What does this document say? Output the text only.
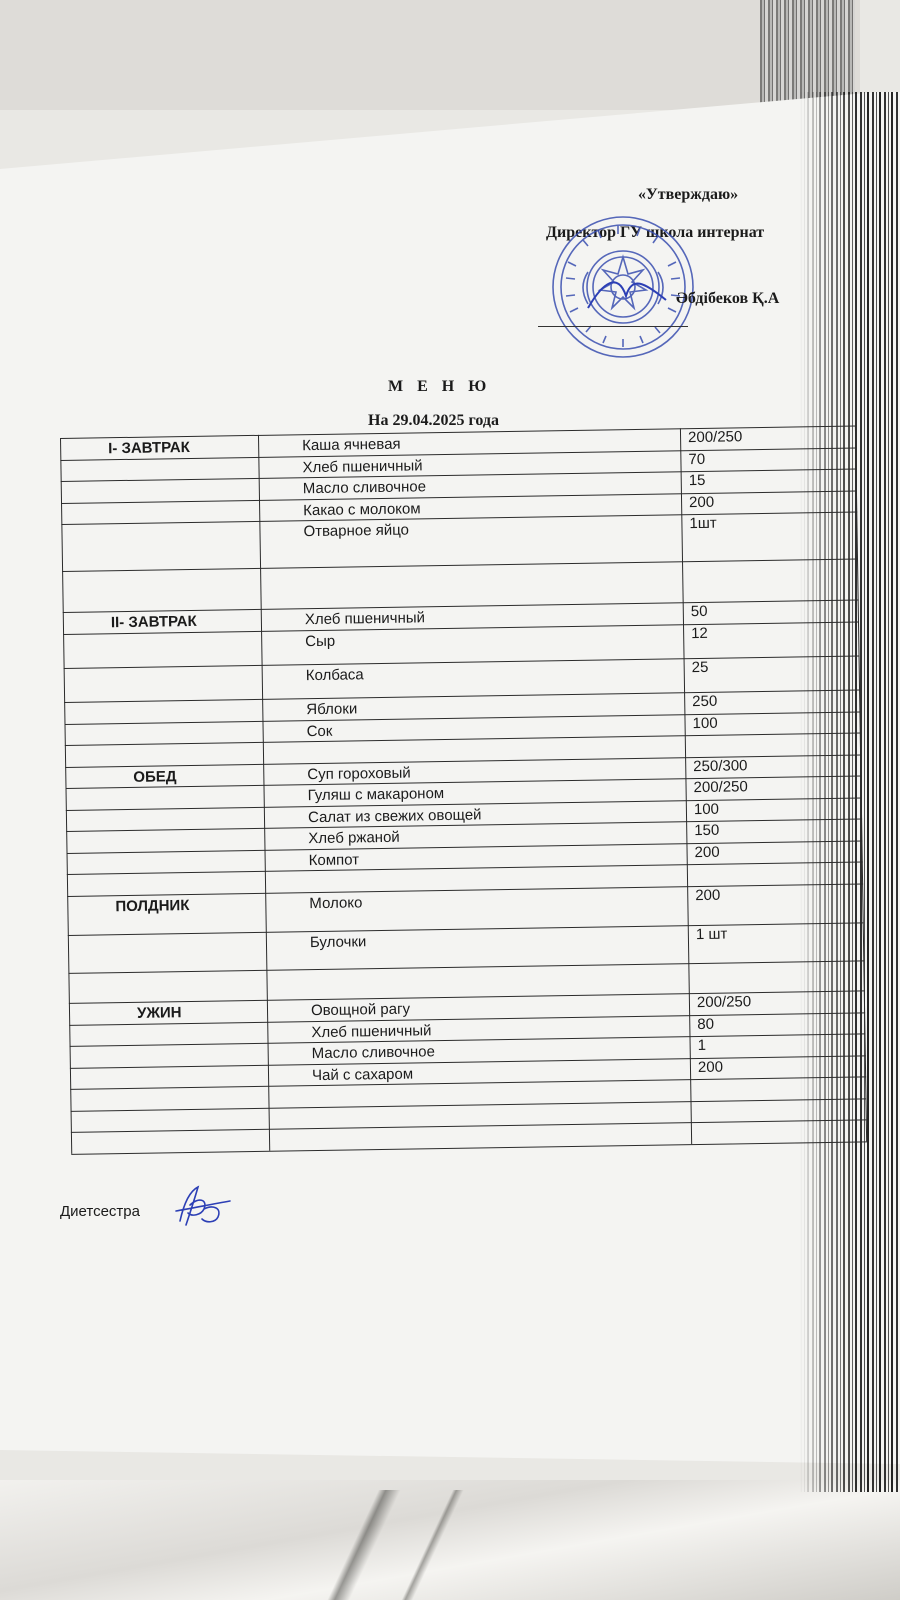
«Утверждаю»
Директор ГУ школа интернат
Әбдібеков Қ.А
М Е Н Ю
На 29.04.2025 года
I- ЗАВТРАК	Каша ячневая	200/250
Хлеб пшеничный	70
Масло сливочное	15
Какао с молоком	200
Отварное яйцо	1шт
II- ЗАВТРАК	Хлеб пшеничный	50
Сыр	12
Колбаса	25
Яблоки	250
Сок	100
ОБЕД	Суп гороховый	250/300
Гуляш с макароном	200/250
Салат из свежих овощей	100
Хлеб ржаной	150
Компот	200
ПОЛДНИК	Молоко	200
Булочки	1 шт
УЖИН	Овощной рагу	200/250
Хлеб пшеничный	80
Масло сливочное	1
Чай с сахаром	200
Диетсестра
